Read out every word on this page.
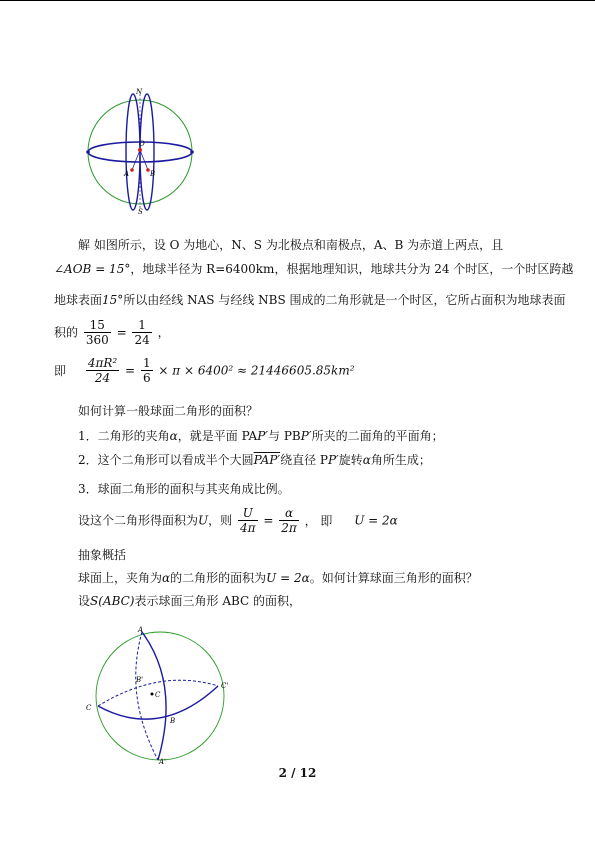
N
O
A	B
S
解 如图所示，设 O 为地心，N、S 为北极点和南极点，A、B 为赤道上两点，且
∠AOB = 15°，地球半径为 R=6400km，根据地理知识，地球共分为 24 个时区，一个时区跨越
地球表面15°所以由经线 NAS 与经线 NBS 围成的二角形就是一个时区，它所占面积为地球表面
积的 $\frac{15}{360} = \frac{1}{24}$ ，
即 $\frac{\text{4πR²}}{24} = \frac{1}{6} \times \pi \times 6400^2 \approx 21446605.85km^2$
如何计算一般球面二角形的面积？
1．二角形的夹角α，就是平面 PAP′与 PBP′所夹的二面角的平面角；
2．这个二角形可以看成半个大圆PAP′绕直径 PP′旋转α角所生成；
3．球面二角形的面积与其夹角成比例。
设这个二角形得面积为U，则 $\frac{U}{4\pi} = \frac{\alpha}{2\pi}$ ， 即 U = 2α
抽象概括
球面上，夹角为α的二角形的面积为U = 2α。如何计算球面三角形的面积？
设S(ABC)表示球面三角形 ABC 的面积，
A
A'
B'
B
C
C'
C
2 / 12
